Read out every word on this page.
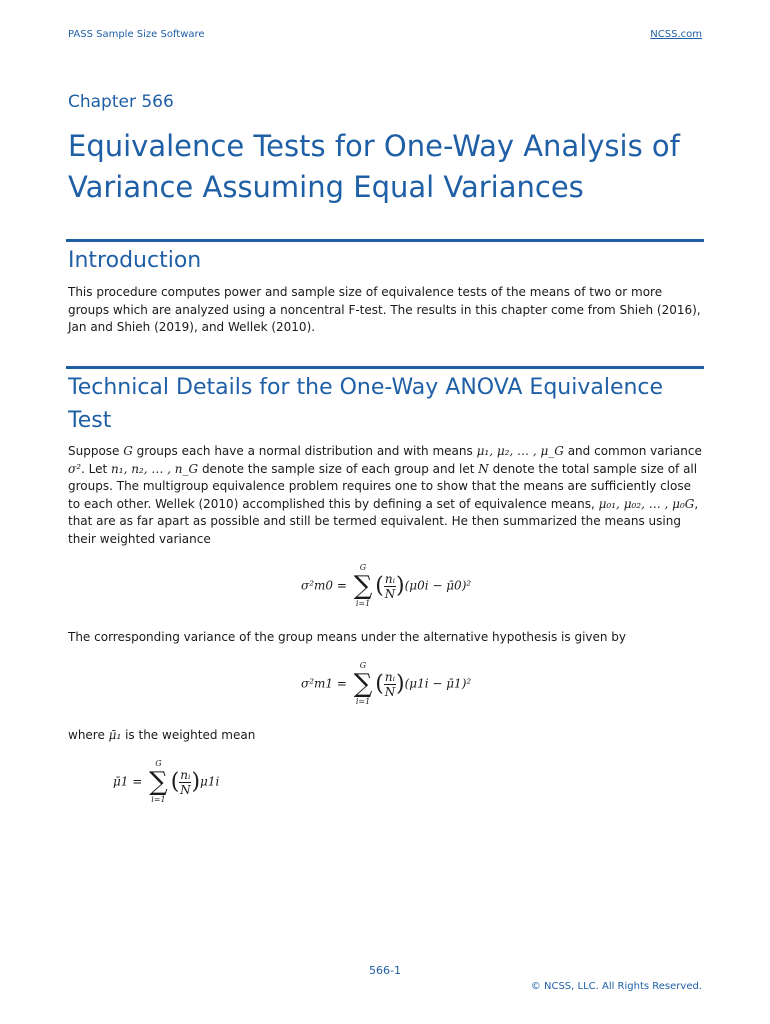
PASS Sample Size Software	NCSS.com
Chapter 566
Equivalence Tests for One-Way Analysis of Variance Assuming Equal Variances
Introduction

This procedure computes power and sample size of equivalence tests of the means of two or more groups which are analyzed using a noncentral F-test. The results in this chapter come from Shieh (2016), Jan and Shieh (2019), and Wellek (2010).

Technical Details for the One-Way ANOVA Equivalence Test

Suppose G groups each have a normal distribution and with means μ₁, μ₂, … , μ_G and common variance σ². Let n₁, n₂, … , n_G denote the sample size of each group and let N denote the total sample size of all groups. The multigroup equivalence problem requires one to show that the means are sufficiently close to each other. Wellek (2010) accomplished this by defining a set of equivalence means, μ₀₁, μ₀₂, … , μ₀G, that are as far apart as possible and still be termed equivalent. He then summarized the means using their weighted variance

σ²m0 =
G
∑
i=1
( $\frac{\text{nᵢ}}{N} )(\mu 0i$ − μ̄0)²

The corresponding variance of the group means under the alternative hypothesis is given by

σ²m1 =
G
∑
i=1
( $\frac{\text{nᵢ}}{N} )(\mu 1i$ − μ̄1)²

where μ̄₁ is the weighted mean

μ̄1 =
G
∑
i=1
( $\frac{\text{nᵢ}}{N} )\mu 1i$
566-1
© NCSS, LLC. All Rights Reserved.
